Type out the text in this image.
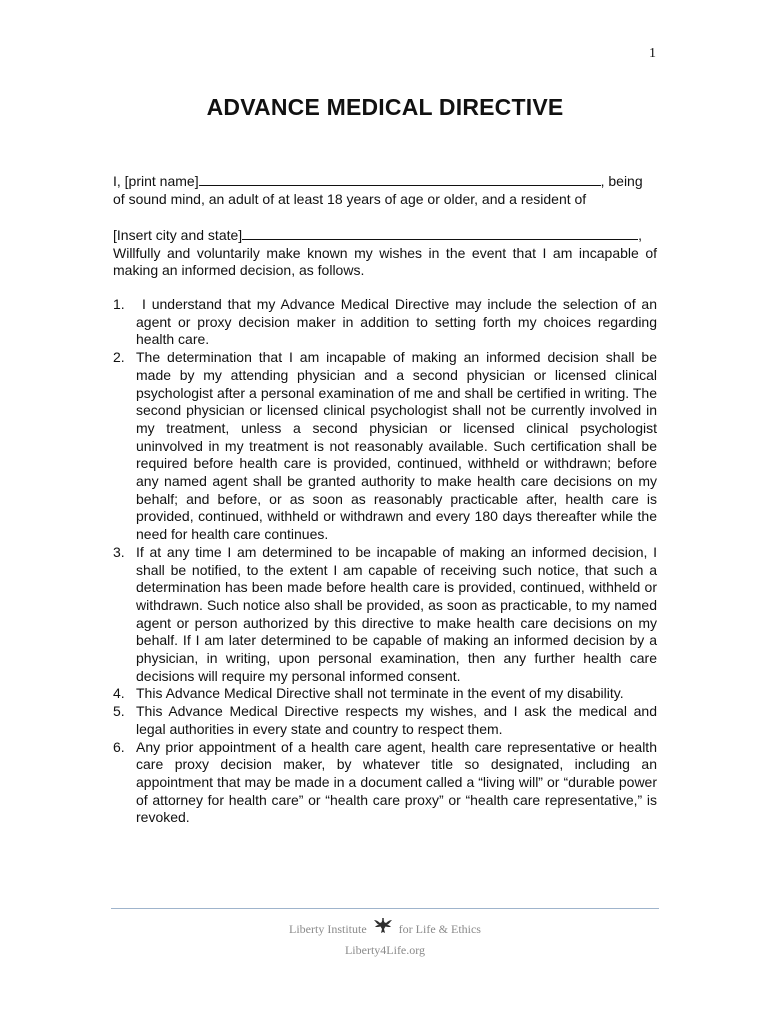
1
ADVANCE MEDICAL DIRECTIVE
I, [print name]	, being
of sound mind, an adult of at least 18 years of age or older, and a resident of
[Insert city and state]	,
Willfully and voluntarily make known my wishes in the event that I am incapable of making an informed decision, as follows.
1.	I understand that my Advance Medical Directive may include the selection of an agent or proxy decision maker in addition to setting forth my choices regarding health care.
2. The determination that I am incapable of making an informed decision shall be made by my attending physician and a second physician or licensed clinical psychologist after a personal examination of me and shall be certified in writing. The second physician or licensed clinical psychologist shall not be currently involved in my treatment, unless a second physician or licensed clinical psychologist uninvolved in my treatment is not reasonably available. Such certification shall be required before health care is provided, continued, withheld or withdrawn; before any named agent shall be granted authority to make health care decisions on my behalf; and before, or as soon as reasonably practicable after, health care is provided, continued, withheld or withdrawn and every 180 days thereafter while the need for health care continues.
3. If at any time I am determined to be incapable of making an informed decision, I shall be notified, to the extent I am capable of receiving such notice, that such a determination has been made before health care is provided, continued, withheld or withdrawn. Such notice also shall be provided, as soon as practicable, to my named agent or person authorized by this directive to make health care decisions on my behalf. If I am later determined to be capable of making an informed decision by a physician, in writing, upon personal examination, then any further health care decisions will require my personal informed consent.
4. This Advance Medical Directive shall not terminate in the event of my disability.
5. This Advance Medical Directive respects my wishes, and I ask the medical and legal authorities in every state and country to respect them.
6. Any prior appointment of a health care agent, health care representative or health care proxy decision maker, by whatever title so designated, including an appointment that may be made in a document called a “living will” or “durable power of attorney for health care” or “health care proxy” or “health care representative,” is revoked.
Liberty Institute	for Life & Ethics
Liberty4Life.org
